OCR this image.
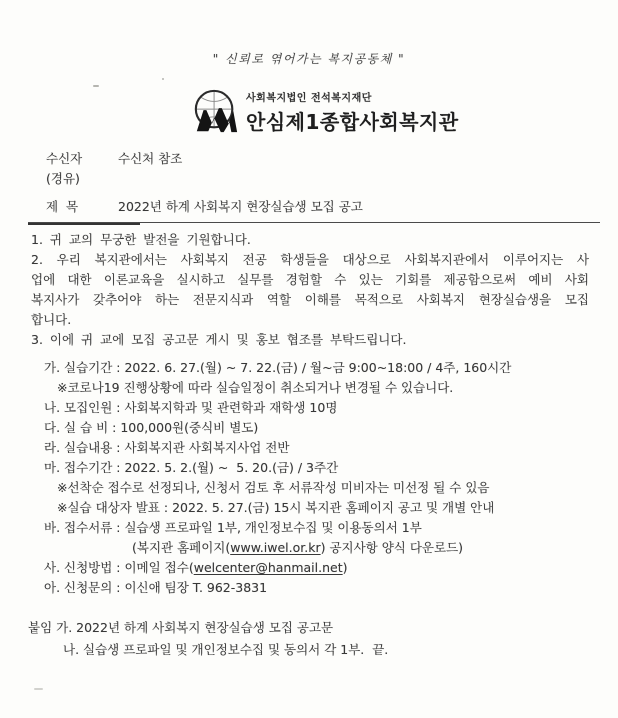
" 신뢰로 엮어가는 복지공동체 "
사회복지법인 전석복지재단
안심제1종합사회복지관
수신자	수신처 참조
(경유)
제  목	2022년 하계 사회복지 현장실습생 모집 공고
1. 귀 교의 무궁한 발전을 기원합니다.
2. 우리 복지관에서는 사회복지 전공 학생들을 대상으로 사회복지관에서 이루어지는 사
업에 대한 이론교육을 실시하고 실무를 경험할 수 있는 기회를 제공함으로써 예비 사회
복지사가 갖추어야 하는 전문지식과 역할 이해를 목적으로 사회복지 현장실습생을 모집
합니다.
3. 이에 귀 교에 모집 공고문 게시 및 홍보 협조를 부탁드립니다.
가. 실습기간 : 2022. 6. 27.(월) ~ 7. 22.(금) / 월~금 9:00~18:00 / 4주, 160시간
※코로나19 진행상황에 따라 실습일정이 취소되거나 변경될 수 있습니다.
나. 모집인원 : 사회복지학과 및 관련학과 재학생 10명
다. 실 습 비 : 100,000원(중식비 별도)
라. 실습내용 : 사회복지관 사회복지사업 전반
마. 접수기간 : 2022. 5. 2.(월) ~  5. 20.(금) / 3주간
※선착순 접수로 선정되나, 신청서 검토 후 서류작성 미비자는 미선정 될 수 있음
※실습 대상자 발표 : 2022. 5. 27.(금) 15시 복지관 홈페이지 공고 및 개별 안내
바. 접수서류 : 실습생 프로파일 1부, 개인정보수집 및 이용동의서 1부
(복지관 홈페이지(www.iwel.or.kr) 공지사항 양식 다운로드)
사. 신청방법 : 이메일 접수(welcenter@hanmail.net)
아. 신청문의 : 이신애 팀장 T. 962-3831
붙임 가. 2022년 하계 사회복지 현장실습생 모집 공고문
나. 실습생 프로파일 및 개인정보수집 및 동의서 각 1부.  끝.
